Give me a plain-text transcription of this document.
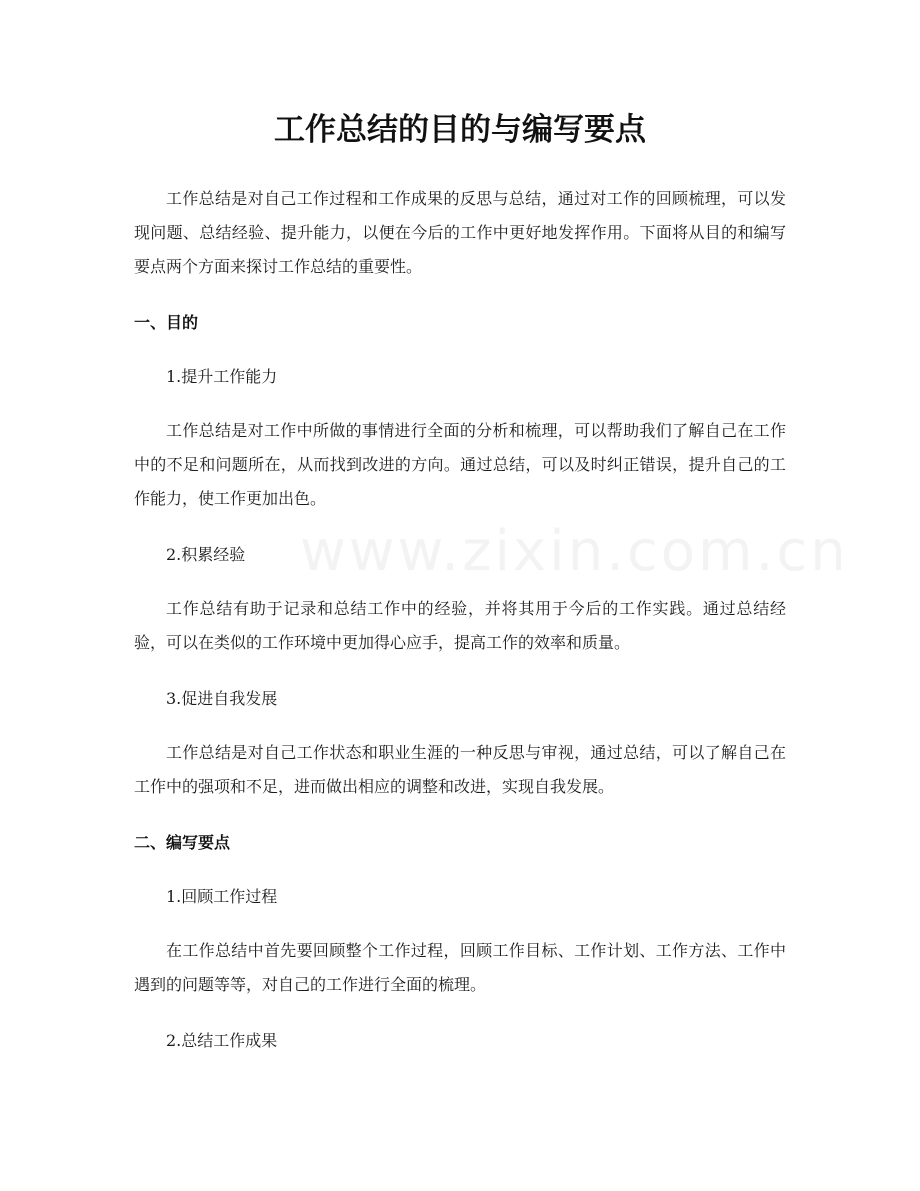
工作总结的目的与编写要点

工作总结是对自己工作过程和工作成果的反思与总结，通过对工作的回顾梳理，可以发现问题、总结经验、提升能力，以便在今后的工作中更好地发挥作用。下面将从目的和编写要点两个方面来探讨工作总结的重要性。

一、目的

1.提升工作能力

工作总结是对工作中所做的事情进行全面的分析和梳理，可以帮助我们了解自己在工作中的不足和问题所在，从而找到改进的方向。通过总结，可以及时纠正错误，提升自己的工作能力，使工作更加出色。

2.积累经验

工作总结有助于记录和总结工作中的经验，并将其用于今后的工作实践。通过总结经验，可以在类似的工作环境中更加得心应手，提高工作的效率和质量。

3.促进自我发展

工作总结是对自己工作状态和职业生涯的一种反思与审视，通过总结，可以了解自己在工作中的强项和不足，进而做出相应的调整和改进，实现自我发展。

二、编写要点

1.回顾工作过程

在工作总结中首先要回顾整个工作过程，回顾工作目标、工作计划、工作方法、工作中遇到的问题等等，对自己的工作进行全面的梳理。

2.总结工作成果

www.zixin.com.cn
